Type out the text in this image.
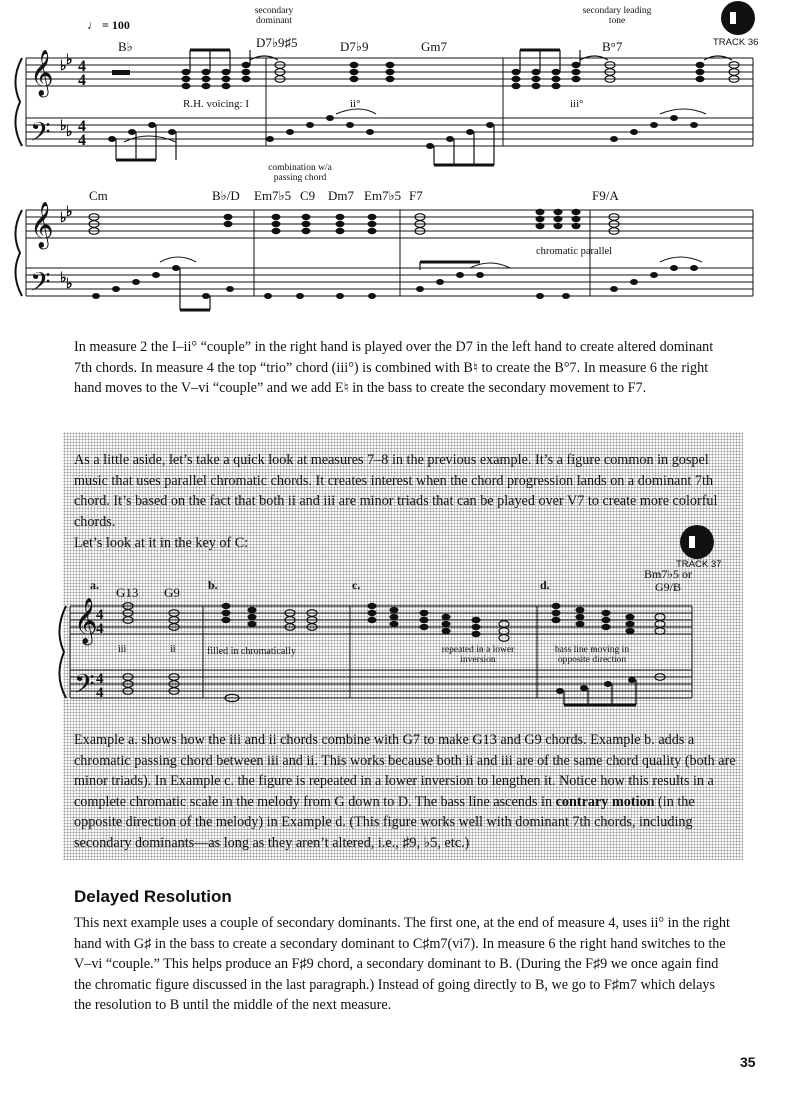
𝄞
𝄢
𝄞
𝄢
♭ ♭
♭ ♭
♭ ♭
♭ ♭
4
4
4
4
♩ = 100
secondary dominant
secondary leading tone
TRACK 36
B♭	D7♭9♯5	D7♭9	Gm7	B°7
R.H. voicing: I	ii°	iii°
combination w/a passing chord
Cm	B♭/D Em7♭5 C9 Dm7 Em7♭5 F7	F9/A
chromatic parallel
In measure 2 the I–ii° “couple” in the right hand is played over the D7 in the left hand to create altered dominant 7th chords. In measure 4 the top “trio” chord (iii°) is combined with B♮ to create the B°7. In measure 6 the right hand moves to the V–vi “couple” and we add E♮ in the bass to create the secondary movement to F7.
As a little aside, let’s take a quick look at measures 7–8 in the previous example. It’s a figure common in gospel music that uses parallel chromatic chords. It creates interest when the chord progression lands on a dominant 7th chord. It’s based on the fact that both ii and iii are minor triads that can be played over V7 to create more colorful chords.
Let’s look at it in the key of C:
TRACK 37
𝄞
𝄢
4
4
4
4
a.	b.	c.	d.
G13 G9
Bm7♭5 or G9/B
iii	ii	filled in chromatically	repeated in a lower inversion
bass line moving in opposite direction
Example a. shows how the iii and ii chords combine with G7 to make G13 and G9 chords. Example b. adds a chromatic passing chord between iii and ii. This works because both ii and iii are of the same chord quality (both are minor triads). In Example c. the figure is repeated in a lower inversion to lengthen it. Notice how this results in a complete chromatic scale in the melody from G down to D. The bass line ascends in contrary motion (in the opposite direction of the melody) in Example d. (This figure works well with dominant 7th chords, including secondary dominants—as long as they aren’t altered, i.e., ♯9, ♭5, etc.)
Delayed Resolution
This next example uses a couple of secondary dominants. The first one, at the end of measure 4, uses ii° in the right hand with G♯ in the bass to create a secondary dominant to C♯m7(vi7). In measure 6 the right hand switches to the V–vi “couple.” This helps produce an F♯9 chord, a secondary dominant to B. (During the F♯9 we once again find the chromatic figure discussed in the last paragraph.) Instead of going directly to B, we go to F♯m7 which delays the resolution to B until the middle of the next measure.
35
